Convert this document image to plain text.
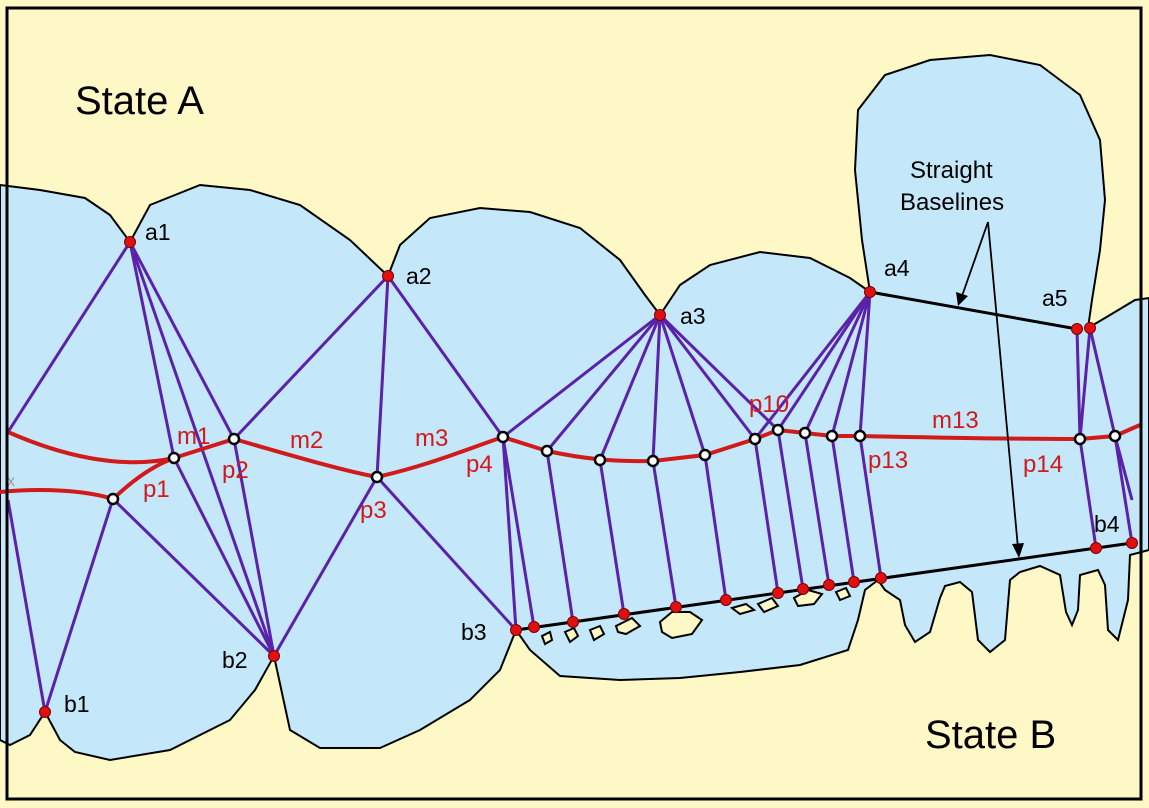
State A
State B
Straight
Baselines
a1
a2
a3
a4
a5
b1
b2
b3
b4
m1	m2	m3
m13
p1
p2
p3
p4
p10
p13	p14
x
